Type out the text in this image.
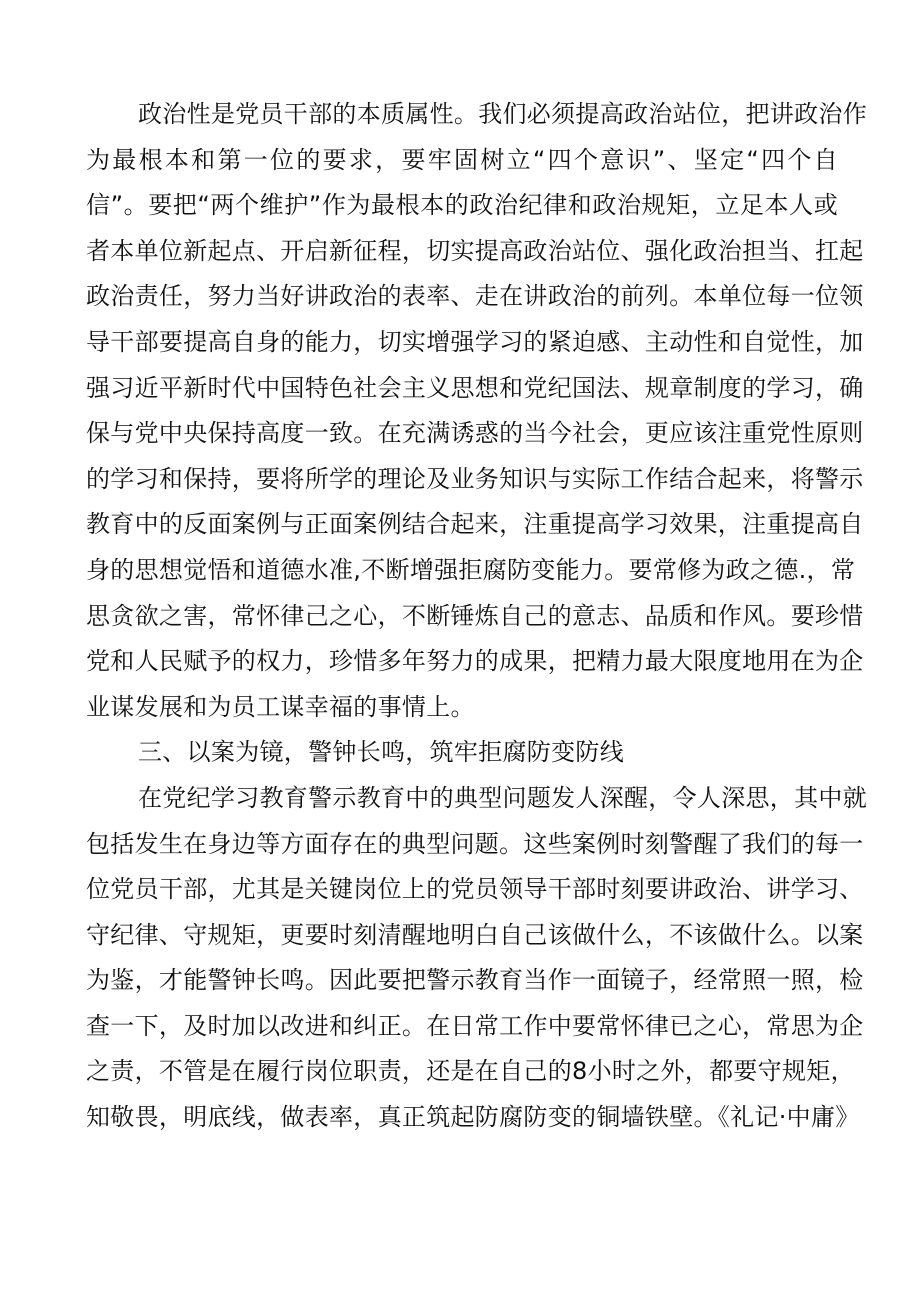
政治性是党员干部的本质属性。我们必须提高政治站位，把讲政治作
为最根本和第一位的要求，要牢固树立“四个意识”、坚定“四个自
信”。要把“两个维护”作为最根本的政治纪律和政治规矩，立足本人或
者本单位新起点、开启新征程，切实提高政治站位、强化政治担当、扛起
政治责任，努力当好讲政治的表率、走在讲政治的前列。本单位每一位领
导干部要提高自身的能力，切实增强学习的紧迫感、主动性和自觉性，加
强习近平新时代中国特色社会主义思想和党纪国法、规章制度的学习，确
保与党中央保持高度一致。在充满诱惑的当今社会，更应该注重党性原则
的学习和保持，要将所学的理论及业务知识与实际工作结合起来，将警示
教育中的反面案例与正面案例结合起来，注重提高学习效果，注重提高自
身的思想觉悟和道德水准,不断增强拒腐防变能力。要常修为政之德.，常
思贪欲之害，常怀律己之心，不断锤炼自己的意志、品质和作风。要珍惜
党和人民赋予的权力，珍惜多年努力的成果，把精力最大限度地用在为企
业谋发展和为员工谋幸福的事情上。
三、以案为镜，警钟长鸣，筑牢拒腐防变防线
在党纪学习教育警示教育中的典型问题发人深醒，令人深思，其中就
包括发生在身边等方面存在的典型问题。这些案例时刻警醒了我们的每一
位党员干部，尤其是关键岗位上的党员领导干部时刻要讲政治、讲学习、
守纪律、守规矩，更要时刻清醒地明白自己该做什么，不该做什么。以案
为鉴，才能警钟长鸣。因此要把警示教育当作一面镜子，经常照一照，检
查一下，及时加以改进和纠正。在日常工作中要常怀律已之心，常思为企
之责，不管是在履行岗位职责，还是在自己的8小时之外，都要守规矩，
知敬畏，明底线，做表率，真正筑起防腐防变的铜墙铁壁。《礼记·中庸》
